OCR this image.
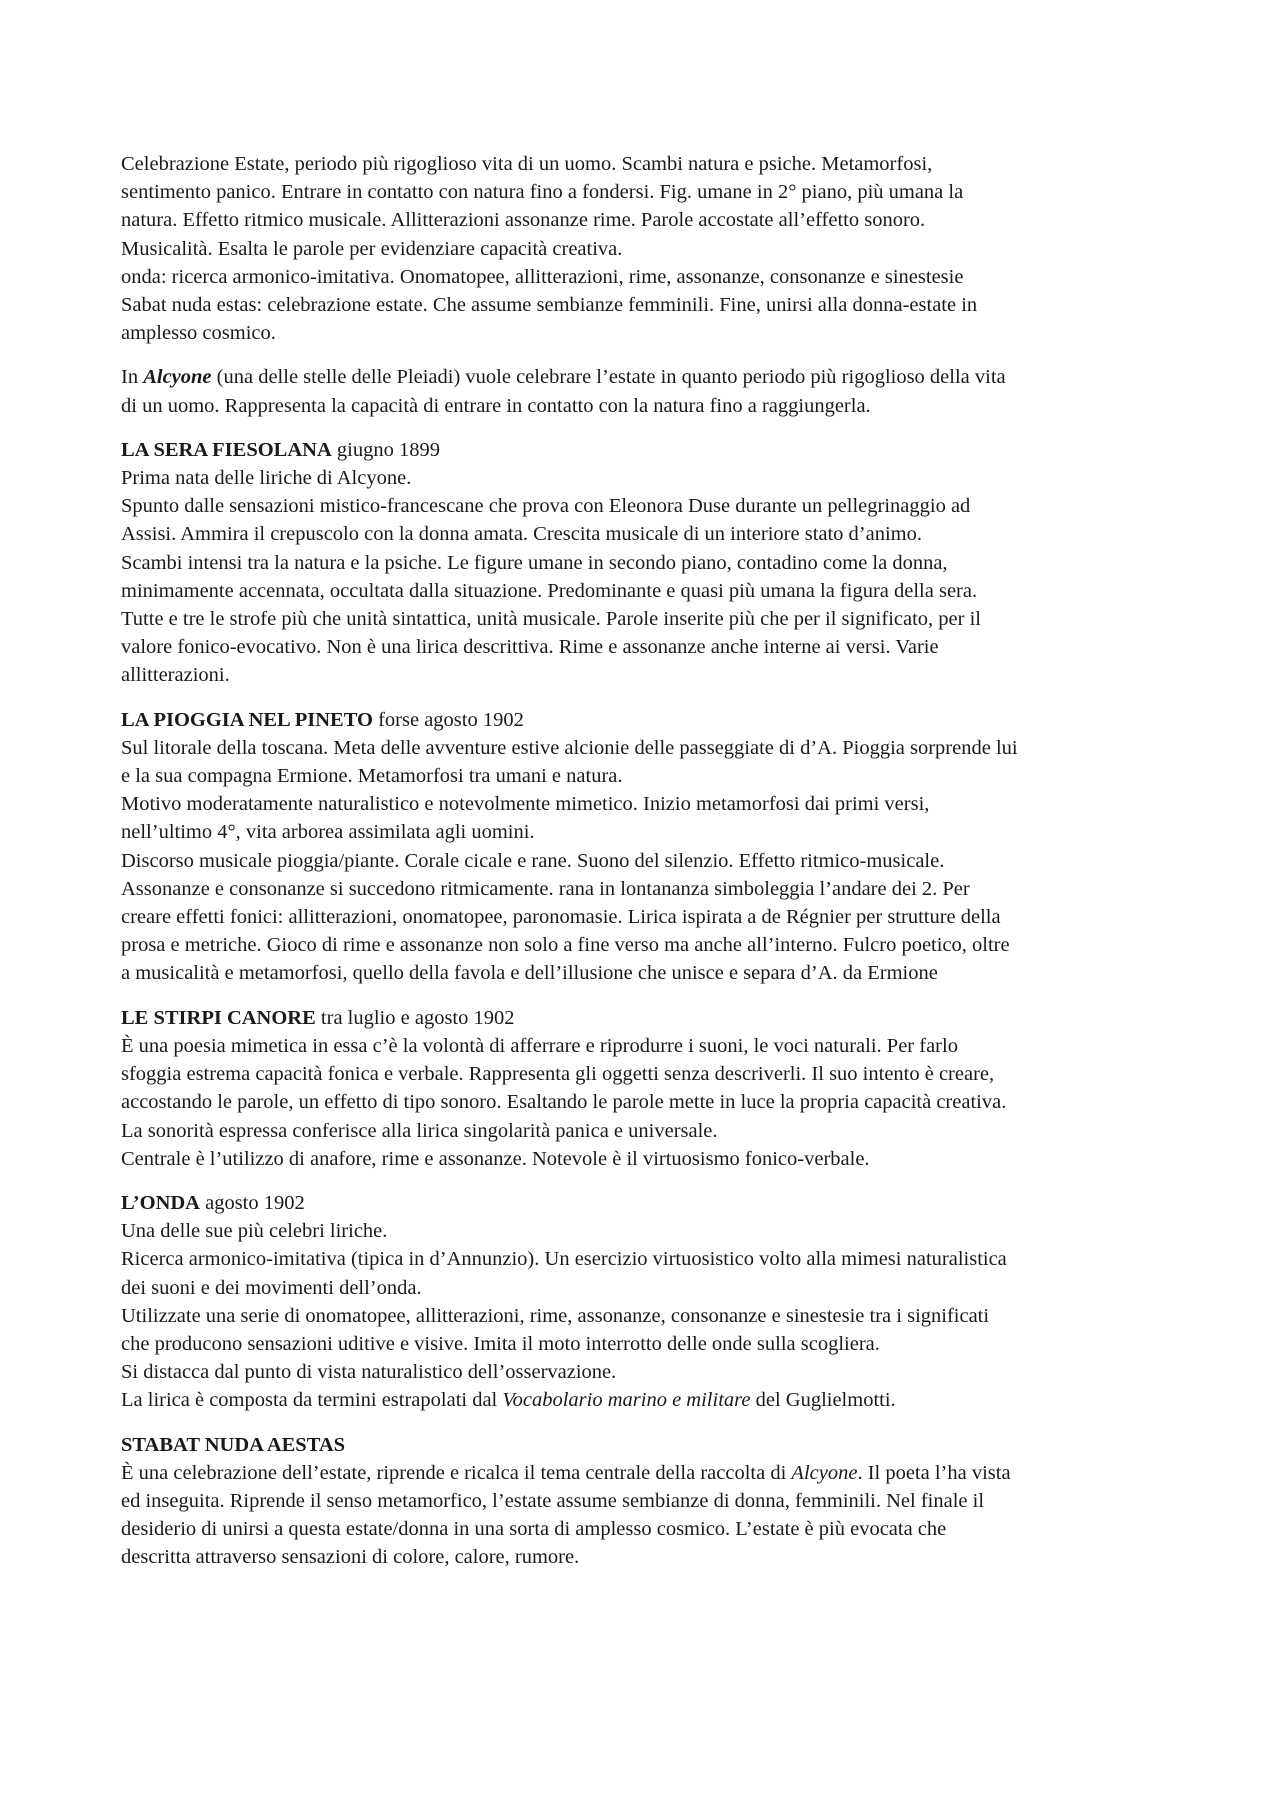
Celebrazione Estate, periodo più rigoglioso vita di un uomo. Scambi natura e psiche. Metamorfosi,
sentimento panico. Entrare in contatto con natura fino a fondersi. Fig. umane in 2° piano, più umana la
natura. Effetto ritmico musicale. Allitterazioni assonanze rime. Parole accostate all’effetto sonoro.
Musicalità. Esalta le parole per evidenziare capacità creativa.
onda: ricerca armonico-imitativa. Onomatopee, allitterazioni, rime, assonanze, consonanze e sinestesie
Sabat nuda estas: celebrazione estate. Che assume sembianze femminili. Fine, unirsi alla donna-estate in
amplesso cosmico.
In Alcyone (una delle stelle delle Pleiadi) vuole celebrare l’estate in quanto periodo più rigoglioso della vita
di un uomo. Rappresenta la capacità di entrare in contatto con la natura fino a raggiungerla.
LA SERA FIESOLANA giugno 1899
Prima nata delle liriche di Alcyone.
Spunto dalle sensazioni mistico-francescane che prova con Eleonora Duse durante un pellegrinaggio ad
Assisi. Ammira il crepuscolo con la donna amata. Crescita musicale di un interiore stato d’animo.
Scambi intensi tra la natura e la psiche. Le figure umane in secondo piano, contadino come la donna,
minimamente accennata, occultata dalla situazione. Predominante e quasi più umana la figura della sera.
Tutte e tre le strofe più che unità sintattica, unità musicale. Parole inserite più che per il significato, per il
valore fonico-evocativo. Non è una lirica descrittiva. Rime e assonanze anche interne ai versi. Varie
allitterazioni.
LA PIOGGIA NEL PINETO forse agosto 1902
Sul litorale della toscana. Meta delle avventure estive alcionie delle passeggiate di d’A. Pioggia sorprende lui
e la sua compagna Ermione. Metamorfosi tra umani e natura.
Motivo moderatamente naturalistico e notevolmente mimetico. Inizio metamorfosi dai primi versi,
nell’ultimo 4°, vita arborea assimilata agli uomini.
Discorso musicale pioggia/piante. Corale cicale e rane. Suono del silenzio. Effetto ritmico-musicale.
Assonanze e consonanze si succedono ritmicamente. rana in lontananza simboleggia l’andare dei 2. Per
creare effetti fonici: allitterazioni, onomatopee, paronomasie. Lirica ispirata a de Régnier per strutture della
prosa e metriche. Gioco di rime e assonanze non solo a fine verso ma anche all’interno. Fulcro poetico, oltre
a musicalità e metamorfosi, quello della favola e dell’illusione che unisce e separa d’A. da Ermione
LE STIRPI CANORE tra luglio e agosto 1902
È una poesia mimetica in essa c’è la volontà di afferrare e riprodurre i suoni, le voci naturali. Per farlo
sfoggia estrema capacità fonica e verbale. Rappresenta gli oggetti senza descriverli. Il suo intento è creare,
accostando le parole, un effetto di tipo sonoro. Esaltando le parole mette in luce la propria capacità creativa.
La sonorità espressa conferisce alla lirica singolarità panica e universale.
Centrale è l’utilizzo di anafore, rime e assonanze. Notevole è il virtuosismo fonico-verbale.
L’ONDA agosto 1902
Una delle sue più celebri liriche.
Ricerca armonico-imitativa (tipica in d’Annunzio). Un esercizio virtuosistico volto alla mimesi naturalistica
dei suoni e dei movimenti dell’onda.
Utilizzate una serie di onomatopee, allitterazioni, rime, assonanze, consonanze e sinestesie tra i significati
che producono sensazioni uditive e visive. Imita il moto interrotto delle onde sulla scogliera.
Si distacca dal punto di vista naturalistico dell’osservazione.
La lirica è composta da termini estrapolati dal Vocabolario marino e militare del Guglielmotti.
STABAT NUDA AESTAS
È una celebrazione dell’estate, riprende e ricalca il tema centrale della raccolta di Alcyone. Il poeta l’ha vista
ed inseguita. Riprende il senso metamorfico, l’estate assume sembianze di donna, femminili. Nel finale il
desiderio di unirsi a questa estate/donna in una sorta di amplesso cosmico. L’estate è più evocata che
descritta attraverso sensazioni di colore, calore, rumore.
